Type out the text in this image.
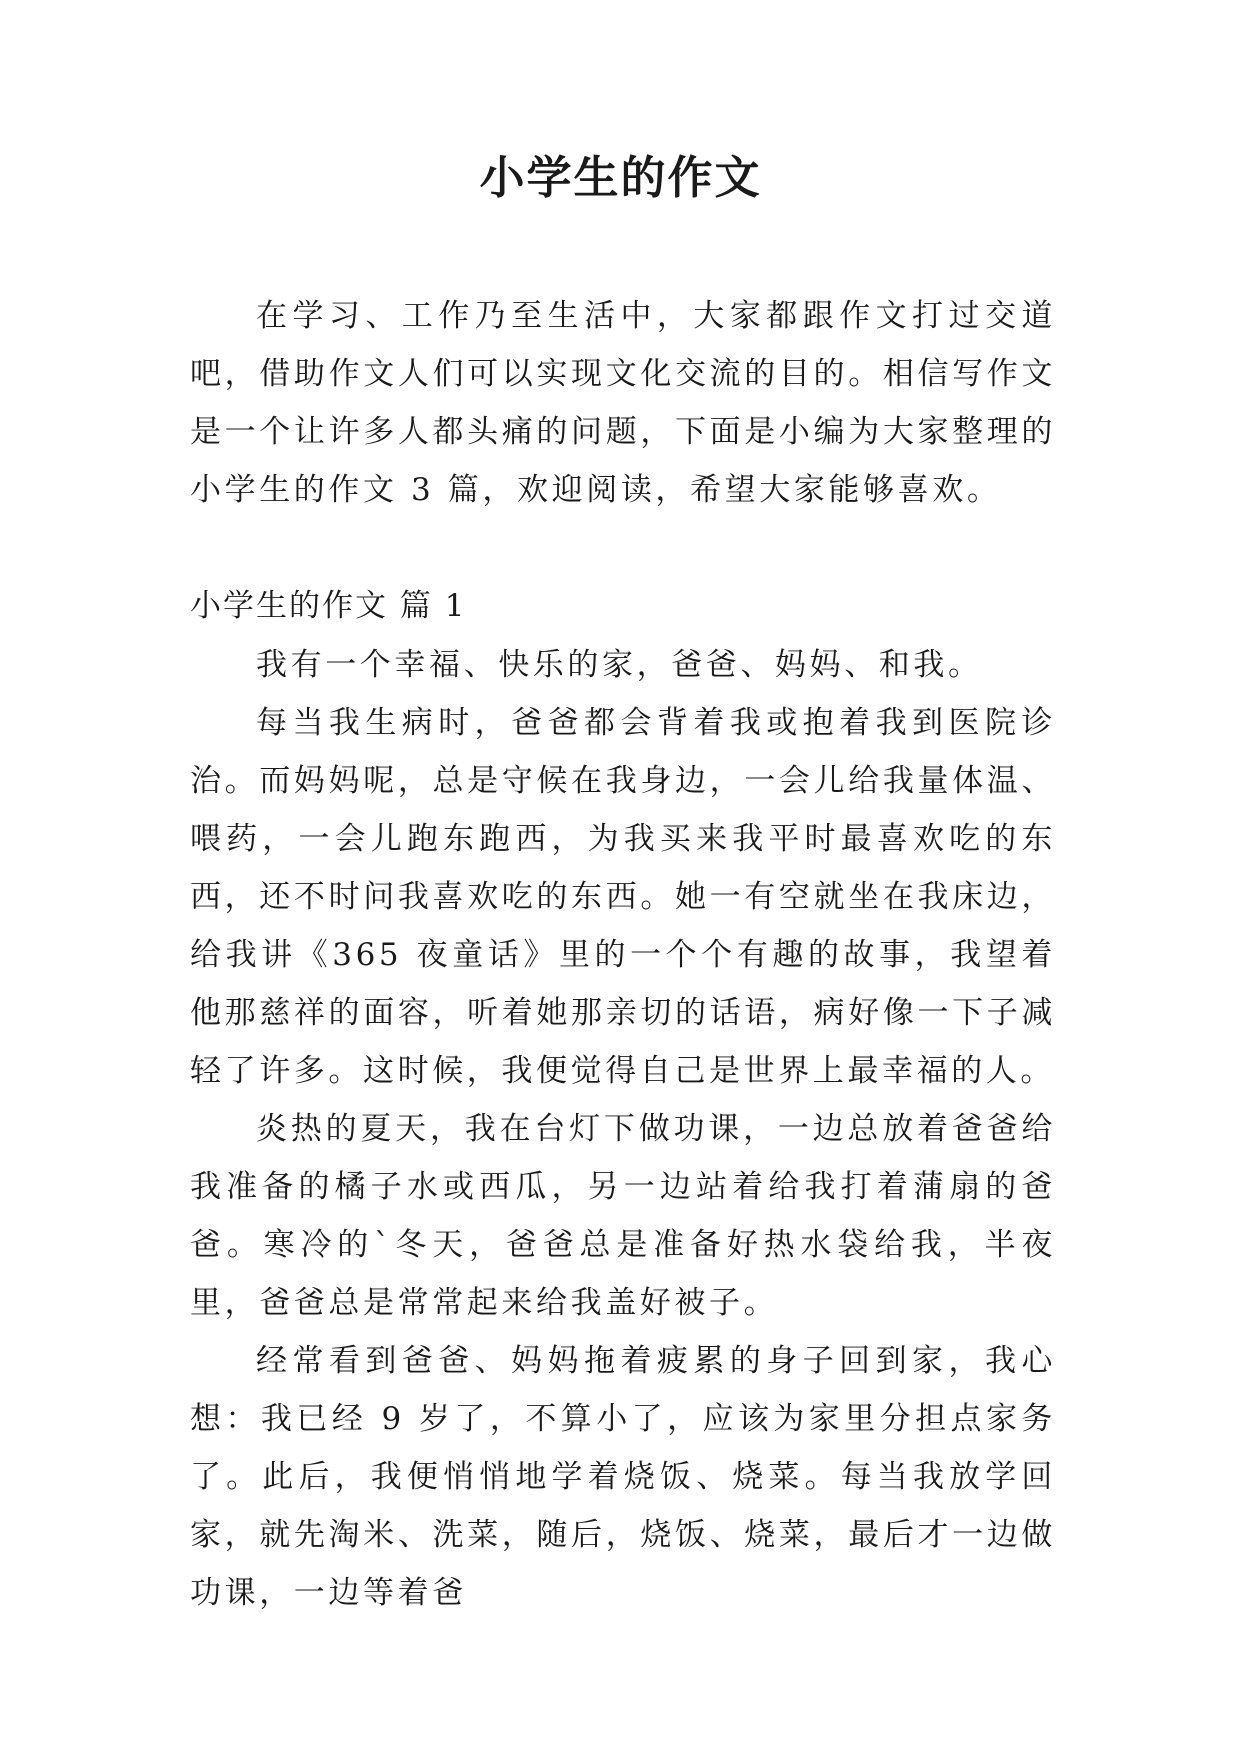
小学生的作文

在学习、工作乃至生活中，大家都跟作文打过交道吧，借助作文人们可以实现文化交流的目的。相信写作文是一个让许多人都头痛的问题，下面是小编为大家整理的小学生的作文 3 篇，欢迎阅读，希望大家能够喜欢。

小学生的作文 篇 1

我有一个幸福、快乐的家，爸爸、妈妈、和我。

每当我生病时，爸爸都会背着我或抱着我到医院诊治。而妈妈呢，总是守候在我身边，一会儿给我量体温、喂药，一会儿跑东跑西，为我买来我平时最喜欢吃的东西，还不时问我喜欢吃的东西。她一有空就坐在我床边，给我讲《365 夜童话》里的一个个有趣的故事，我望着他那慈祥的面容，听着她那亲切的话语，病好像一下子减轻了许多。这时候，我便觉得自己是世界上最幸福的人。

炎热的夏天，我在台灯下做功课，一边总放着爸爸给我准备的橘子水或西瓜，另一边站着给我打着蒲扇的爸爸。寒冷的`冬天，爸爸总是准备好热水袋给我，半夜里，爸爸总是常常起来给我盖好被子。

经常看到爸爸、妈妈拖着疲累的身子回到家，我心想：我已经 9 岁了，不算小了，应该为家里分担点家务了。此后，我便悄悄地学着烧饭、烧菜。每当我放学回家，就先淘米、洗菜，随后，烧饭、烧菜，最后才一边做功课，一边等着爸
